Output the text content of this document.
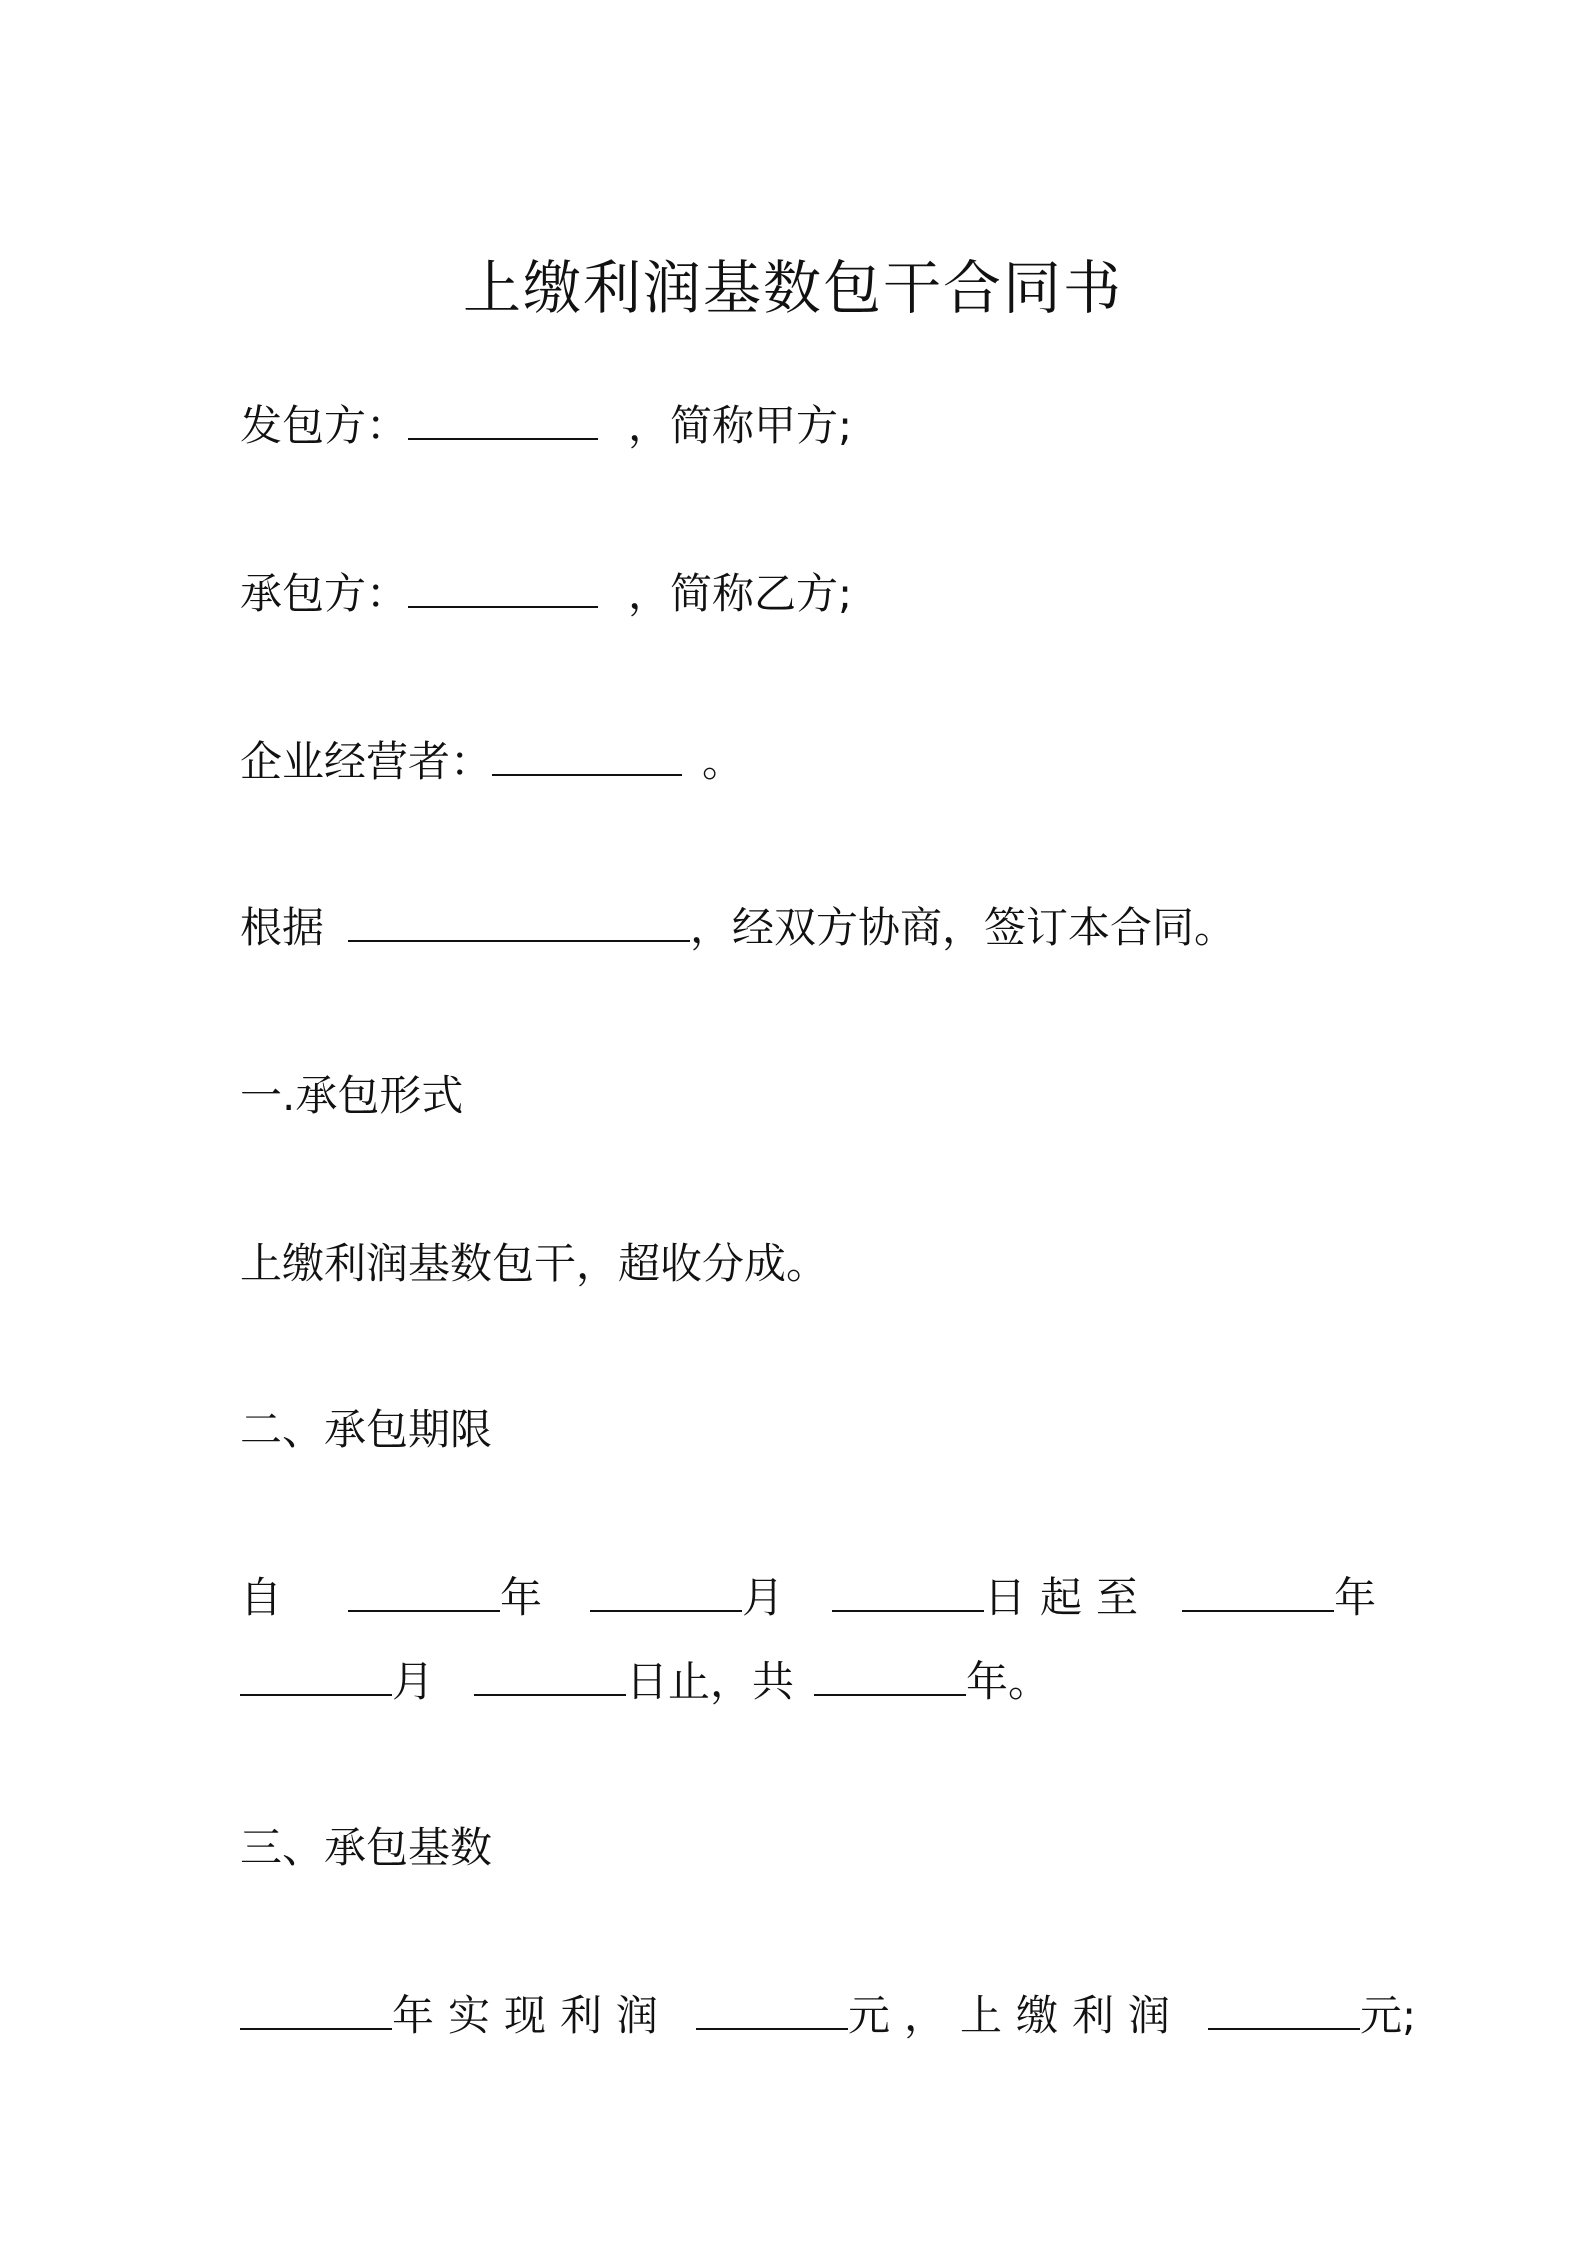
上缴利润基数包干合同书
发包方：	，简称甲方;
承包方：	，简称乙方;
企业经营者：	。
根据	，经双方协商，签订本合同。
一.承包形式
上缴利润基数包干，超收分成。
二、承包期限
自	年	月	日起至	年
月	日止，共	年。
三、承包基数
年实现利润	元，上缴利润	元;
